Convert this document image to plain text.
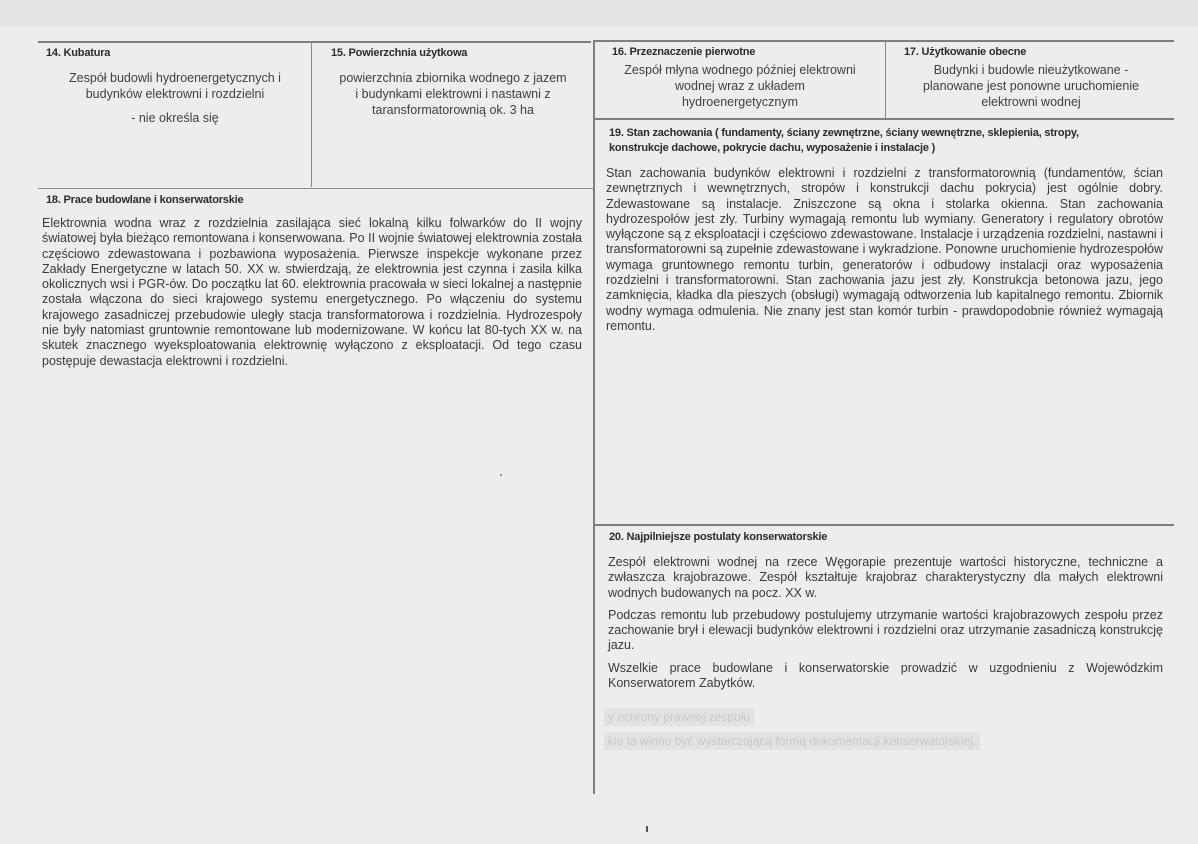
14. Kubatura
Zespół budowli hydroenergetycznych i
budynków elektrowni i rozdzielni
- nie określa się
15. Powierzchnia użytkowa
powierzchnia zbiornika wodnego z jazem
i budynkami elektrowni i nastawni z
taransformatorownią ok. 3 ha
16. Przeznaczenie pierwotne
Zespół młyna wodnego później elektrowni
wodnej wraz z układem
hydroenergetycznym
17. Użytkowanie obecne
Budynki i budowle nieużytkowane -
planowane jest ponowne uruchomienie
elektrowni wodnej
18. Prace budowlane i konserwatorskie
Elektrownia wodna wraz z rozdzielnia zasilająca sieć lokalną kilku folwarków do II wojny światowej była bieżąco remontowana i konserwowana. Po II wojnie światowej elektrownia została częściowo zdewastowana i pozbawiona wyposażenia. Pierwsze inspekcje wykonane przez Zakłady Energetyczne w latach 50. XX w. stwierdzają, że elektrownia jest czynna i zasila kilka okolicznych wsi i PGR-ów. Do początku lat 60. elektrownia pracowała w sieci lokalnej a następnie została włączona do sieci krajowego systemu energetycznego. Po włączeniu do systemu krajowego zasadniczej przebudowie uległy stacja transformatorowa i rozdzielnia. Hydrozespoły nie były natomiast gruntownie remontowane lub modernizowane. W końcu lat 80-tych XX w. na skutek znacznego wyeksploatowania elektrownię wyłączono z eksploatacji. Od tego czasu postępuje dewastacja elektrowni i rozdzielni.
19. Stan zachowania ( fundamenty, ściany zewnętrzne, ściany wewnętrzne, sklepienia, stropy,
konstrukcje dachowe, pokrycie dachu, wyposażenie i instalacje )
Stan zachowania budynków elektrowni i rozdzielni z transformatorownią (fundamentów, ścian zewnętrznych i wewnętrznych, stropów i konstrukcji dachu pokrycia) jest ogólnie dobry. Zdewastowane są instalacje. Zniszczone są okna i stolarka okienna. Stan zachowania hydrozespołów jest zły. Turbiny wymagają remontu lub wymiany. Generatory i regulatory obrotów wyłączone są z eksploatacji i częściowo zdewastowane. Instalacje i urządzenia rozdzielni, nastawni i transformatorowni są zupełnie zdewastowane i wykradzione. Ponowne uruchomienie hydrozespołów wymaga gruntownego remontu turbin, generatorów i odbudowy instalacji oraz wyposażenia rozdzielni i transformatorowni. Stan zachowania jazu jest zły. Konstrukcja betonowa jazu, jego zamknięcia, kładka dla pieszych (obsługi) wymagają odtworzenia lub kapitalnego remontu. Zbiornik wodny wymaga odmulenia. Nie znany jest stan komór turbin - prawdopodobnie również wymagają remontu.
20. Najpilniejsze postulaty konserwatorskie

Zespół elektrowni wodnej na rzece Węgorapie prezentuje wartości historyczne, techniczne a zwłaszcza krajobrazowe. Zespół kształtuje krajobraz charakterystyczny dla małych elektrowni wodnych budowanych na pocz. XX w.

Podczas remontu lub przebudowy postulujemy utrzymanie wartości krajobrazowych zespołu przez zachowanie brył i elewacji budynków elektrowni i rozdzielni oraz utrzymanie zasadniczą konstrukcję jazu.

Wszelkie prace budowlane i konserwatorskie prowadzić w uzgodnieniu z Wojewódzkim Konserwatorem Zabytków.

y ochrony prawnej zespołu
kie ta winno być wystarczającą formą dokumentacji konserwatorskiej.
